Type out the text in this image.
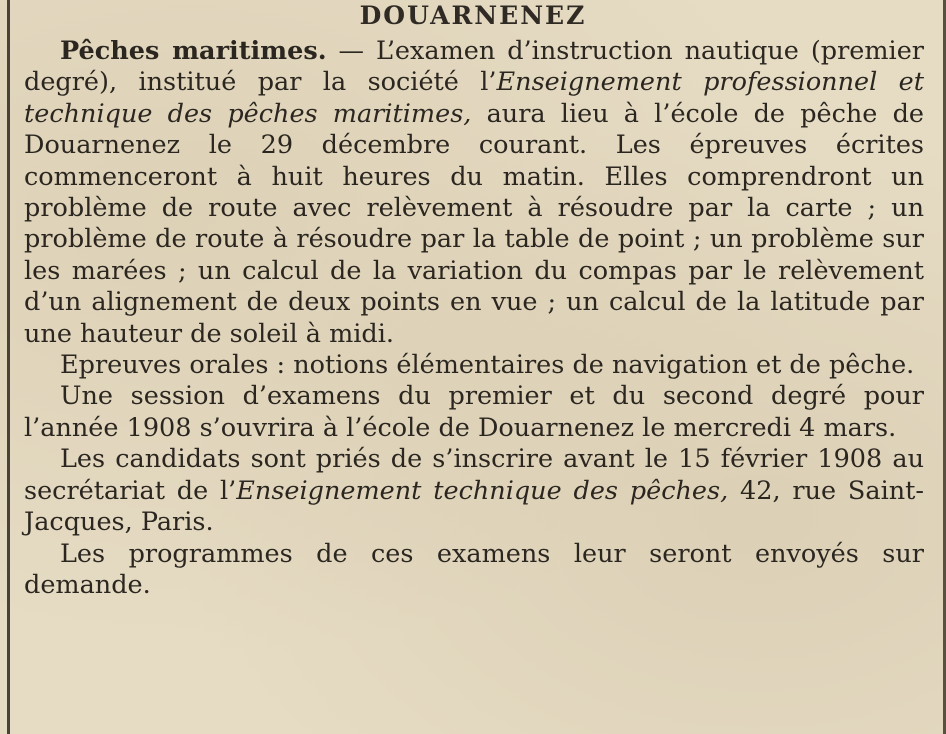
DOUARNENEZ

Pêches maritimes. — L’examen d’instruction nautique (premier degré), institué par la société l’Enseignement professionnel et technique des pêches maritimes, aura lieu à l’école de pêche de Douarnenez le 29 décembre courant. Les épreuves écrites commenceront à huit heures du matin. Elles comprendront un problème de route avec relèvement à résoudre par la carte ; un problème de route à résoudre par la table de point ; un problème sur les marées ; un calcul de la variation du compas par le relèvement d’un alignement de deux points en vue ; un calcul de la latitude par une hauteur de soleil à midi.

Epreuves orales : notions élémentaires de navigation et de pêche.

Une session d’examens du premier et du second degré pour l’année 1908 s’ouvrira à l’école de Douarnenez le mercredi 4 mars.

Les candidats sont priés de s’inscrire avant le 15 février 1908 au secrétariat de l’Enseignement technique des pêches, 42, rue Saint-Jacques, Paris.

Les programmes de ces examens leur seront envoyés sur demande.
